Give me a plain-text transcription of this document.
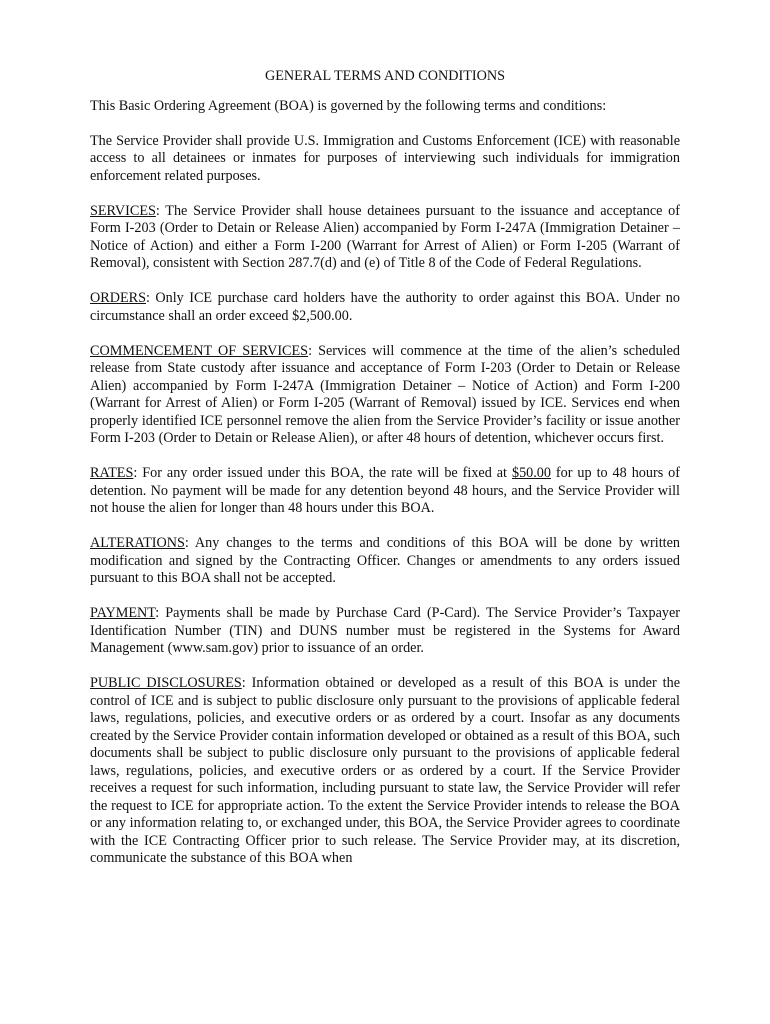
GENERAL TERMS AND CONDITIONS

This Basic Ordering Agreement (BOA) is governed by the following terms and conditions:

The Service Provider shall provide U.S. Immigration and Customs Enforcement (ICE) with reasonable access to all detainees or inmates for purposes of interviewing such individuals for immigration enforcement related purposes.

SERVICES: The Service Provider shall house detainees pursuant to the issuance and acceptance of Form I-203 (Order to Detain or Release Alien) accompanied by Form I-247A (Immigration Detainer – Notice of Action) and either a Form I-200 (Warrant for Arrest of Alien) or Form I-205 (Warrant of Removal), consistent with Section 287.7(d) and (e) of Title 8 of the Code of Federal Regulations.

ORDERS: Only ICE purchase card holders have the authority to order against this BOA. Under no circumstance shall an order exceed $2,500.00.

COMMENCEMENT OF SERVICES: Services will commence at the time of the alien’s scheduled release from State custody after issuance and acceptance of Form I-203 (Order to Detain or Release Alien) accompanied by Form I-247A (Immigration Detainer – Notice of Action) and Form I-200 (Warrant for Arrest of Alien) or Form I-205 (Warrant of Removal) issued by ICE. Services end when properly identified ICE personnel remove the alien from the Service Provider’s facility or issue another Form I-203 (Order to Detain or Release Alien), or after 48 hours of detention, whichever occurs first.

RATES: For any order issued under this BOA, the rate will be fixed at $50.00 for up to 48 hours of detention. No payment will be made for any detention beyond 48 hours, and the Service Provider will not house the alien for longer than 48 hours under this BOA.

ALTERATIONS: Any changes to the terms and conditions of this BOA will be done by written modification and signed by the Contracting Officer. Changes or amendments to any orders issued pursuant to this BOA shall not be accepted.

PAYMENT: Payments shall be made by Purchase Card (P-Card). The Service Provider’s Taxpayer Identification Number (TIN) and DUNS number must be registered in the Systems for Award Management (www.sam.gov) prior to issuance of an order.

PUBLIC DISCLOSURES: Information obtained or developed as a result of this BOA is under the control of ICE and is subject to public disclosure only pursuant to the provisions of applicable federal laws, regulations, policies, and executive orders or as ordered by a court. Insofar as any documents created by the Service Provider contain information developed or obtained as a result of this BOA, such documents shall be subject to public disclosure only pursuant to the provisions of applicable federal laws, regulations, policies, and executive orders or as ordered by a court. If the Service Provider receives a request for such information, including pursuant to state law, the Service Provider will refer the request to ICE for appropriate action. To the extent the Service Provider intends to release the BOA or any information relating to, or exchanged under, this BOA, the Service Provider agrees to coordinate with the ICE Contracting Officer prior to such release. The Service Provider may, at its discretion, communicate the substance of this BOA when
